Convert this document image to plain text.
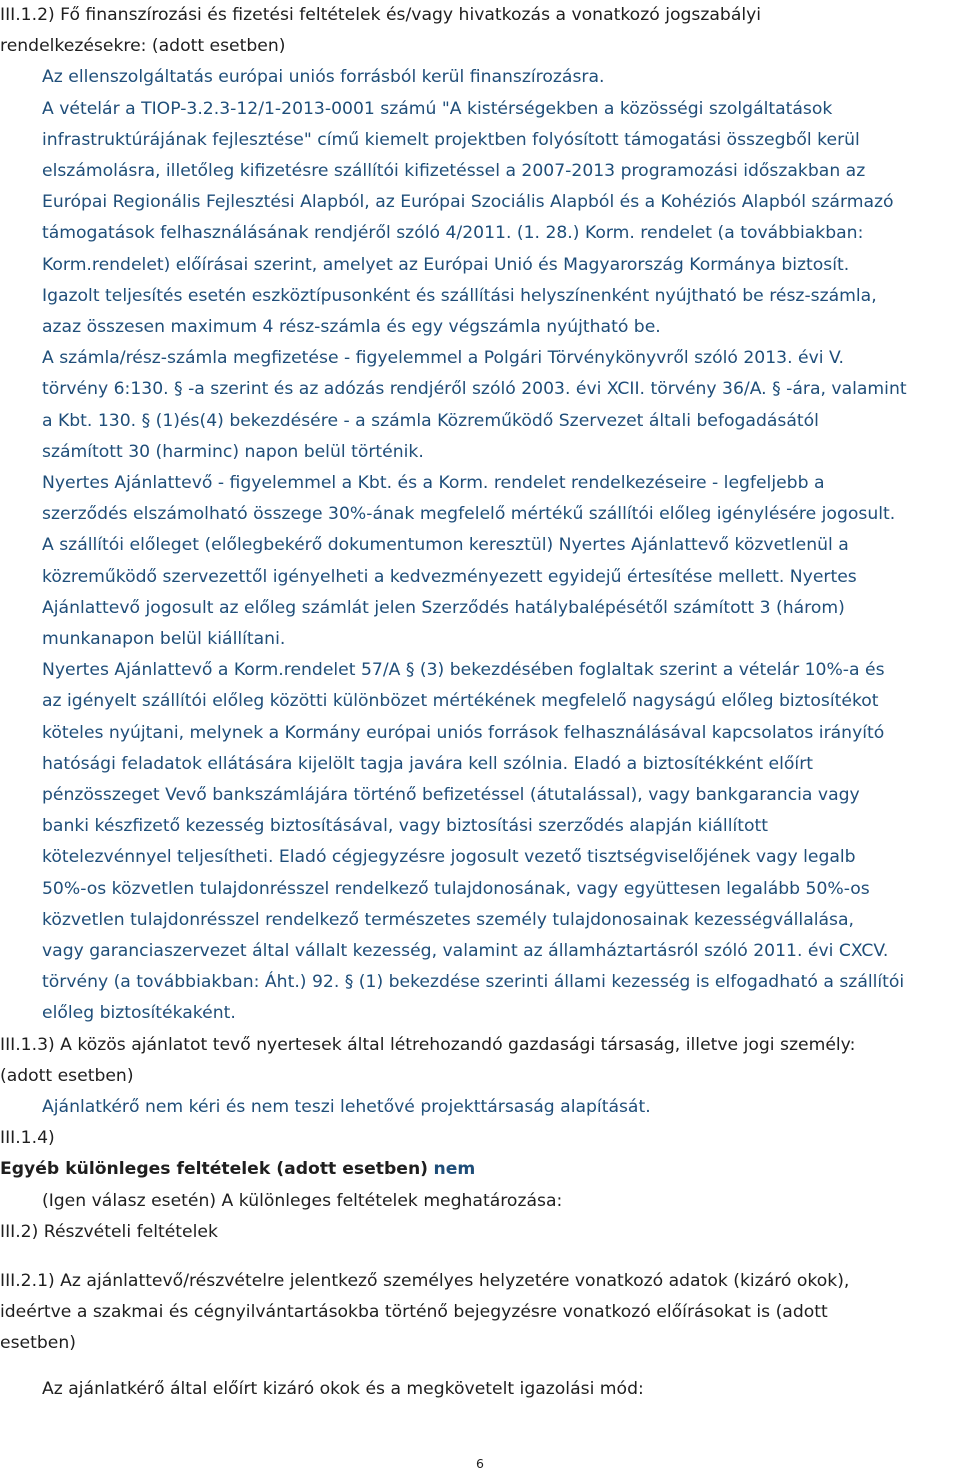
III.1.2) Fő finanszírozási és fizetési feltételek és/vagy hivatkozás a vonatkozó jogszabályi
rendelkezésekre: (adott esetben)
Az ellenszolgáltatás európai uniós forrásból kerül finanszírozásra.
A vételár a TIOP-3.2.3-12/1-2013-0001 számú "A kistérségekben a közösségi szolgáltatások
infrastruktúrájának fejlesztése" című kiemelt projektben folyósított támogatási összegből kerül
elszámolásra, illetőleg kifizetésre szállítói kifizetéssel a 2007-2013 programozási időszakban az
Európai Regionális Fejlesztési Alapból, az Európai Szociális Alapból és a Kohéziós Alapból származó
támogatások felhasználásának rendjéről szóló 4/2011. (1. 28.) Korm. rendelet (a továbbiakban:
Korm.rendelet) előírásai szerint, amelyet az Európai Unió és Magyarország Kormánya biztosít.
Igazolt teljesítés esetén eszköztípusonként és szállítási helyszínenként nyújtható be rész-számla,
azaz összesen maximum 4 rész-számla és egy végszámla nyújtható be.
A számla/rész-számla megfizetése - figyelemmel a Polgári Törvénykönyvről szóló 2013. évi V.
törvény 6:130. § -a szerint és az adózás rendjéről szóló 2003. évi XCII. törvény 36/A. § -ára, valamint
a Kbt. 130. § (1)és(4) bekezdésére - a számla Közreműködő Szervezet általi befogadásától
számított 30 (harminc) napon belül történik.
Nyertes Ajánlattevő - figyelemmel a Kbt. és a Korm. rendelet rendelkezéseire - legfeljebb a
szerződés elszámolható összege 30%-ának megfelelő mértékű szállítói előleg igénylésére jogosult.
A szállítói előleget (előlegbekérő dokumentumon keresztül) Nyertes Ajánlattevő közvetlenül a
közreműködő szervezettől igényelheti a kedvezményezett egyidejű értesítése mellett. Nyertes
Ajánlattevő jogosult az előleg számlát jelen Szerződés hatálybalépésétől számított 3 (három)
munkanapon belül kiállítani.
Nyertes Ajánlattevő a Korm.rendelet 57/A § (3) bekezdésében foglaltak szerint a vételár 10%-a és
az igényelt szállítói előleg közötti különbözet mértékének megfelelő nagyságú előleg biztosítékot
köteles nyújtani, melynek a Kormány európai uniós források felhasználásával kapcsolatos irányító
hatósági feladatok ellátására kijelölt tagja javára kell szólnia. Eladó a biztosítékként előírt
pénzösszeget Vevő bankszámlájára történő befizetéssel (átutalással), vagy bankgarancia vagy
banki készfizető kezesség biztosításával, vagy biztosítási szerződés alapján kiállított
kötelezvénnyel teljesítheti. Eladó cégjegyzésre jogosult vezető tisztségviselőjének vagy legalb
50%-os közvetlen tulajdonrésszel rendelkező tulajdonosának, vagy együttesen legalább 50%-os
közvetlen tulajdonrésszel rendelkező természetes személy tulajdonosainak kezességvállalása,
vagy garanciaszervezet által vállalt kezesség, valamint az államháztartásról szóló 2011. évi CXCV.
törvény (a továbbiakban: Áht.) 92. § (1) bekezdése szerinti állami kezesség is elfogadható a szállítói
előleg biztosítékaként.
III.1.3) A közös ajánlatot tevő nyertesek által létrehozandó gazdasági társaság, illetve jogi személy:
(adott esetben)
Ajánlatkérő nem kéri és nem teszi lehetővé projekttársaság alapítását.
III.1.4)
Egyéb különleges feltételek (adott esetben) nem
(Igen válasz esetén) A különleges feltételek meghatározása:
III.2) Részvételi feltételek
III.2.1) Az ajánlattevő/részvételre jelentkező személyes helyzetére vonatkozó adatok (kizáró okok),
ideértve a szakmai és cégnyilvántartásokba történő bejegyzésre vonatkozó előírásokat is (adott
esetben)
Az ajánlatkérő által előírt kizáró okok és a megkövetelt igazolási mód:
6
